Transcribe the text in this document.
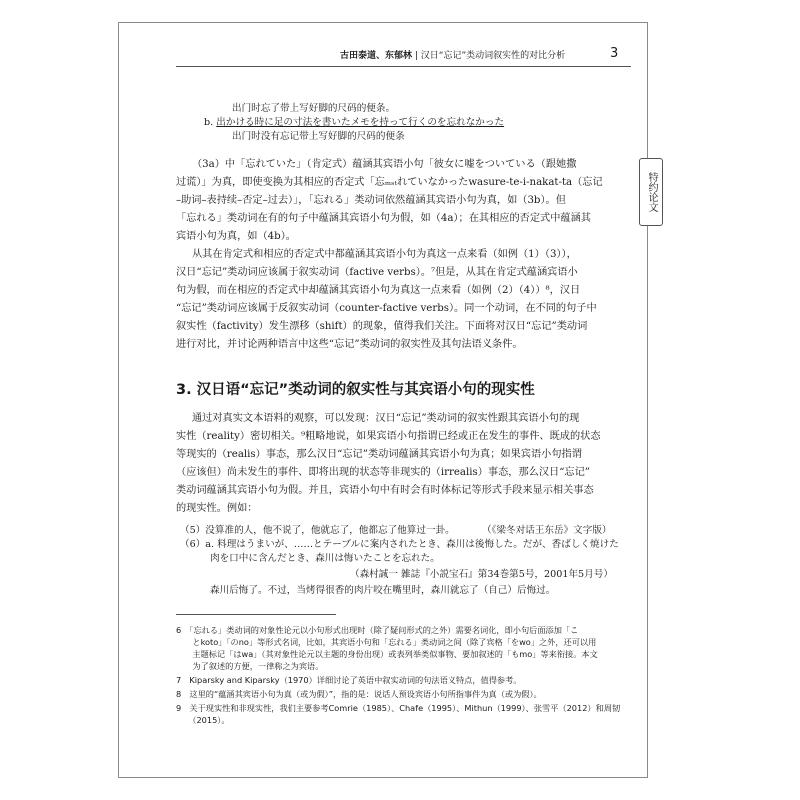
古田泰道、东郁林 | 汉日“忘记”类动词叙实性的对比分析	3
特约论文
出门时忘了带上写好脚的尺码的便条。
b. 出かける時に足の寸法を書いたメモを持って行くのを忘れなかった
出门时没有忘记带上写好脚的尺码的便条
（3a）中「忘れていた」（肯定式）蕴涵其宾语小句「彼女に嘘をついている（跟她撒
过谎）」为真，即使变换为其相应的否定式「忘ₘₛₜれていなかったwasure-te-i-nakat-ta（忘记
–助词–表持续–否定–过去）」，「忘れる」类动词依然蕴涵其宾语小句为真，如（3b）。但
「忘れる」类动词在有的句子中蕴涵其宾语小句为假，如（4a）；在其相应的否定式中蕴涵其
宾语小句为真，如（4b）。
从其在肯定式和相应的否定式中都蕴涵其宾语小句为真这一点来看（如例（1）（3）），
汉日“忘记”类动词应该属于叙实动词（factive verbs）。⁷但是，从其在肯定式蕴涵宾语小
句为假，而在相应的否定式中却蕴涵其宾语小句为真这一点来看（如例（2）（4））⁸，汉日
“忘记”类动词应该属于反叙实动词（counter-factive verbs）。同一个动词，在不同的句子中
叙实性（factivity）发生漂移（shift）的现象，值得我们关注。下面将对汉日“忘记”类动词
进行对比，并讨论两种语言中这些“忘记”类动词的叙实性及其句法语义条件。
3. 汉日语“忘记”类动词的叙实性与其宾语小句的现实性
通过对真实文本语料的观察，可以发现：汉日“忘记”类动词的叙实性跟其宾语小句的现
实性（reality）密切相关。⁹粗略地说，如果宾语小句指谓已经或正在发生的事件、既成的状态
等现实的（realis）事态，那么汉日“忘记”类动词蕴涵其宾语小句为真；如果宾语小句指谓
（应该但）尚未发生的事件、即将出现的状态等非现实的（irrealis）事态，那么汉日“忘记”
类动词蕴涵其宾语小句为假。并且，宾语小句中有时会有时体标记等形式手段来显示相关事态
的现实性。例如：
（5）没算准的人，他不说了，他就忘了，他都忘了他算过一卦。	（《梁冬对话王东岳》文字版）
（6）a. 料理はうまいが、……とテーブルに案内されたとき、森川は後悔した。だが、香ばしく焼けた
肉を口中に含んだとき、森川は悔いたことを忘れた。
（森村誠一 雑誌『小説宝石』第34巻第5号，2001年5月号）
森川后悔了。不过，当烤得很香的肉片咬在嘴里时，森川就忘了（自己）后悔过。
6　「忘れる」类动词的对象性论元以小句形式出现时（除了疑问形式的之外）需要名词化，即小句后面添加「こ
　　とkoto」「のno」等形式名词，比如，其宾语小句和「忘れる」类动词之间（除了宾格「をwo」之外，还可以用
　　主题标记「はwa」（其对象性论元以主题的身份出现）或表列举类似事物、要加叙述的「もmo」等来衔接。本文
　　为了叙述的方便，一律称之为宾语。
7　Kiparsky and Kiparsky（1970）详细讨论了英语中叙实动词的句法语义特点，值得参考。
8　这里的“蕴涵其宾语小句为真（或为假）”，指的是：说话人预设宾语小句所指事件为真（或为假）。
9　关于现实性和非现实性，我们主要参考Comrie（1985）、Chafe（1995）、Mithun（1999）、张雪平（2012）和周韧
　　（2015）。
